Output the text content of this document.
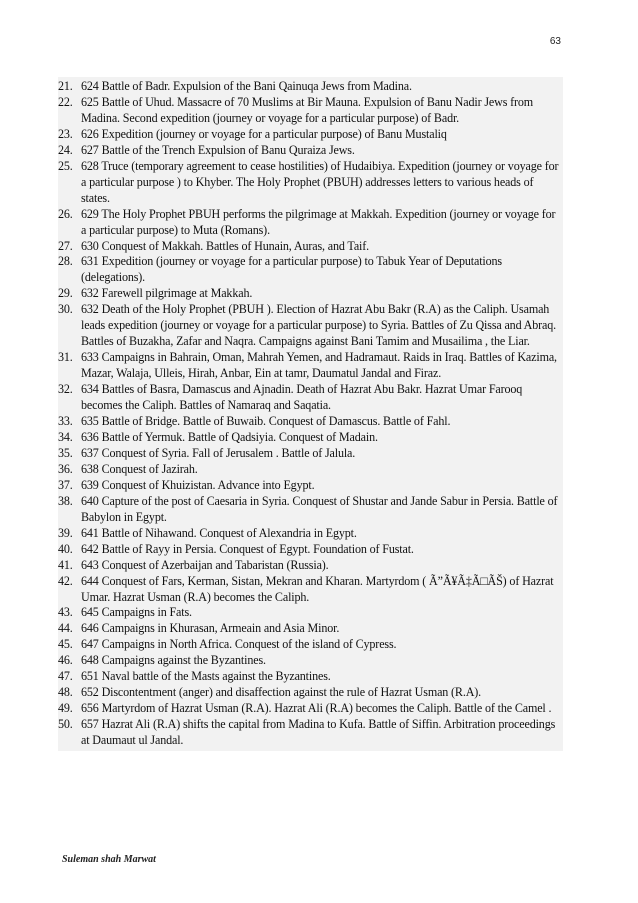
63
21. 624 Battle of Badr. Expulsion of the Bani Qainuqa Jews from Madina.
22. 625 Battle of Uhud. Massacre of 70 Muslims at Bir Mauna. Expulsion of Banu Nadir Jews from Madina. Second expedition (journey or voyage for a particular purpose) of Badr.
23. 626 Expedition (journey or voyage for a particular purpose) of Banu Mustaliq
24. 627 Battle of the Trench Expulsion of Banu Quraiza Jews.
25. 628 Truce (temporary agreement to cease hostilities) of Hudaibiya. Expedition (journey or voyage for a particular purpose ) to Khyber. The Holy Prophet (PBUH) addresses letters to various heads of states.
26. 629 The Holy Prophet PBUH performs the pilgrimage at Makkah. Expedition (journey or voyage for a particular purpose) to Muta (Romans).
27. 630 Conquest of Makkah. Battles of Hunain, Auras, and Taif.
28. 631 Expedition (journey or voyage for a particular purpose) to Tabuk Year of Deputations (delegations).
29. 632 Farewell pilgrimage at Makkah.
30. 632 Death of the Holy Prophet (PBUH ). Election of Hazrat Abu Bakr (R.A) as the Caliph. Usamah leads expedition (journey or voyage for a particular purpose) to Syria. Battles of Zu Qissa and Abraq. Battles of Buzakha, Zafar and Naqra. Campaigns against Bani Tamim and Musailima , the Liar.
31. 633 Campaigns in Bahrain, Oman, Mahrah Yemen, and Hadramaut. Raids in Iraq. Battles of Kazima, Mazar, Walaja, Ulleis, Hirah, Anbar, Ein at tamr, Daumatul Jandal and Firaz.
32. 634 Battles of Basra, Damascus and Ajnadin. Death of Hazrat Abu Bakr. Hazrat Umar Farooq becomes the Caliph. Battles of Namaraq and Saqatia.
33. 635 Battle of Bridge. Battle of Buwaib. Conquest of Damascus. Battle of Fahl.
34. 636 Battle of Yermuk. Battle of Qadsiyia. Conquest of Madain.
35. 637 Conquest of Syria. Fall of Jerusalem . Battle of Jalula.
36. 638 Conquest of Jazirah.
37. 639 Conquest of Khuizistan. Advance into Egypt.
38. 640 Capture of the post of Caesaria in Syria. Conquest of Shustar and Jande Sabur in Persia. Battle of Babylon in Egypt.
39. 641 Battle of Nihawand. Conquest of Alexandria in Egypt.
40. 642 Battle of Rayy in Persia. Conquest of Egypt. Foundation of Fustat.
41. 643 Conquest of Azerbaijan and Tabaristan (Russia).
42. 644 Conquest of Fars, Kerman, Sistan, Mekran and Kharan. Martyrdom ( Ã”Ã¥Ã‡Ã□ÃŠ) of Hazrat Umar. Hazrat Usman (R.A) becomes the Caliph.
43. 645 Campaigns in Fats.
44. 646 Campaigns in Khurasan, Armeain and Asia Minor.
45. 647 Campaigns in North Africa. Conquest of the island of Cypress.
46. 648 Campaigns against the Byzantines.
47. 651 Naval battle of the Masts against the Byzantines.
48. 652 Discontentment (anger) and disaffection against the rule of Hazrat Usman (R.A).
49. 656 Martyrdom of Hazrat Usman (R.A). Hazrat Ali (R.A) becomes the Caliph. Battle of the Camel .
50. 657 Hazrat Ali (R.A) shifts the capital from Madina to Kufa. Battle of Siffin. Arbitration proceedings at Daumaut ul Jandal.
Suleman shah Marwat
